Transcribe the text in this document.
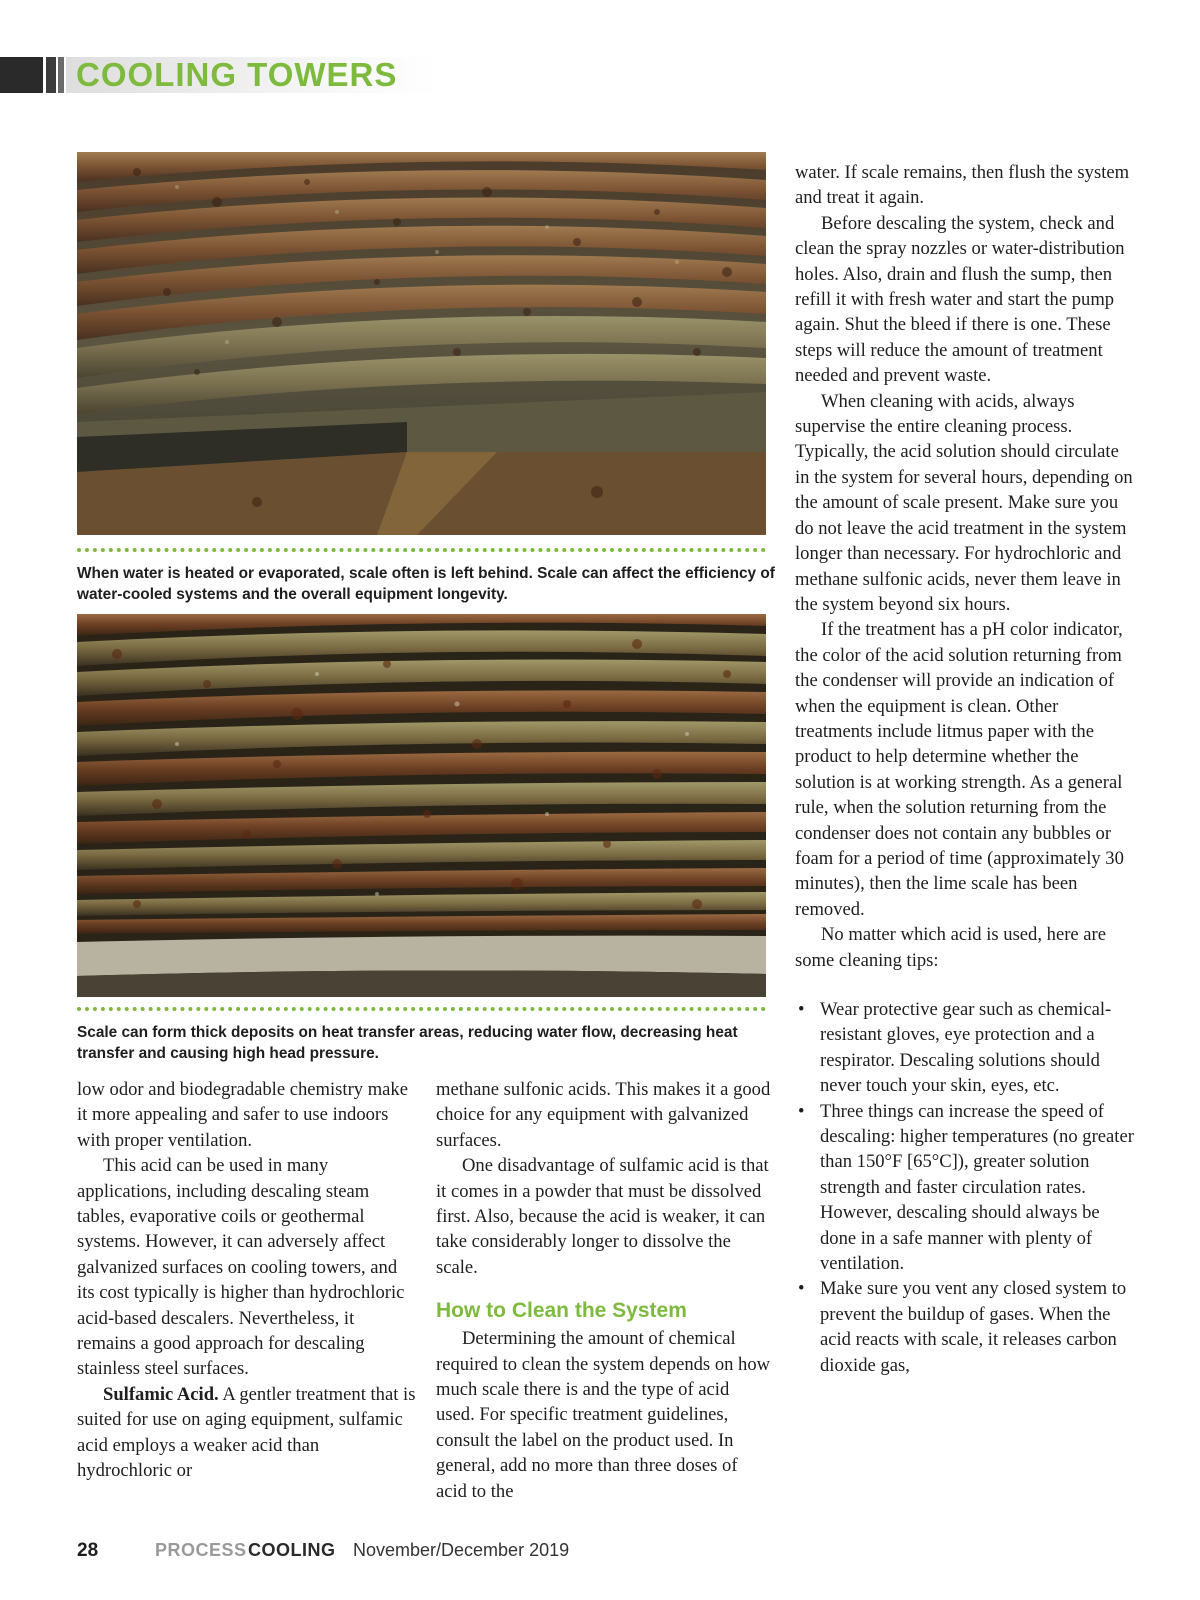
COOLING TOWERS

When water is heated or evaporated, scale often is left behind. Scale can affect the efficiency of water-cooled systems and the overall equipment longevity.

Scale can form thick deposits on heat transfer areas, reducing water flow, decreasing heat transfer and causing high head pressure.

low odor and biodegradable chemistry make it more appealing and safer to use indoors with proper ventilation.

This acid can be used in many applications, including descaling steam tables, evaporative coils or geothermal systems. However, it can adversely affect galvanized surfaces on cooling towers, and its cost typically is higher than hydrochloric acid-based descalers. Nevertheless, it remains a good approach for descaling stainless steel surfaces.

Sulfamic Acid. A gentler treatment that is suited for use on aging equipment, sulfamic acid employs a weaker acid than hydrochloric or

methane sulfonic acids. This makes it a good choice for any equipment with galvanized surfaces.

One disadvantage of sulfamic acid is that it comes in a powder that must be dissolved first. Also, because the acid is weaker, it can take considerably longer to dissolve the scale.

How to Clean the System

Determining the amount of chemical required to clean the system depends on how much scale there is and the type of acid used. For specific treatment guidelines, consult the label on the product used. In general, add no more than three doses of acid to the

water. If scale remains, then flush the system and treat it again.

Before descaling the system, check and clean the spray nozzles or water-distribution holes. Also, drain and flush the sump, then refill it with fresh water and start the pump again. Shut the bleed if there is one. These steps will reduce the amount of treatment needed and prevent waste.

When cleaning with acids, always supervise the entire cleaning process. Typically, the acid solution should circulate in the system for several hours, depending on the amount of scale present. Make sure you do not leave the acid treatment in the system longer than necessary. For hydrochloric and methane sulfonic acids, never them leave in the system beyond six hours.

If the treatment has a pH color indicator, the color of the acid solution returning from the condenser will provide an indication of when the equipment is clean. Other treatments include litmus paper with the product to help determine whether the solution is at working strength. As a general rule, when the solution returning from the condenser does not contain any bubbles or foam for a period of time (approximately 30 minutes), then the lime scale has been removed.

No matter which acid is used, here are some cleaning tips:

• Wear protective gear such as chemical-resistant gloves, eye protection and a respirator. Descaling solutions should never touch your skin, eyes, etc.
• Three things can increase the speed of descaling: higher temperatures (no greater than 150°F [65°C]), greater solution strength and faster circulation rates. However, descaling should always be done in a safe manner with plenty of ventilation.
• Make sure you vent any closed system to prevent the buildup of gases. When the acid reacts with scale, it releases carbon dioxide gas,
28	PROCESS COOLING November/December 2019
